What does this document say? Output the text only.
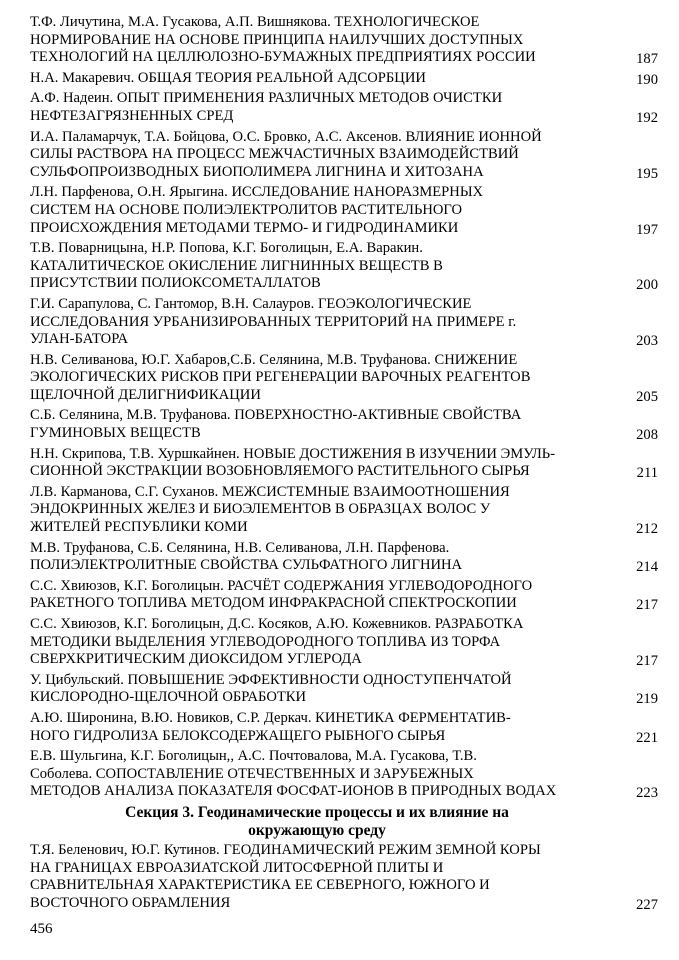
Т.Ф. Личутина, М.А. Гусакова, А.П. Вишнякова. ТЕХНОЛОГИЧЕСКОЕ
НОРМИРОВАНИЕ НА ОСНОВЕ ПРИНЦИПА НАИЛУЧШИХ ДОСТУПНЫХ
ТЕХНОЛОГИЙ НА ЦЕЛЛЮЛОЗНО-БУМАЖНЫХ ПРЕДПРИЯТИЯХ РОССИИ	187
Н.А. Макаревич. ОБЩАЯ ТЕОРИЯ РЕАЛЬНОЙ АДСОРБЦИИ	190
А.Ф. Надеин. ОПЫТ ПРИМЕНЕНИЯ РАЗЛИЧНЫХ МЕТОДОВ ОЧИСТКИ
НЕФТЕЗАГРЯЗНЕННЫХ СРЕД	192
И.А. Паламарчук, Т.А. Бойцова, О.С. Бровко, А.С. Аксенов. ВЛИЯНИЕ ИОННОЙ
СИЛЫ РАСТВОРА НА ПРОЦЕСС МЕЖЧАСТИЧНЫХ ВЗАИМОДЕЙСТВИЙ
СУЛЬФОПРОИЗВОДНЫХ БИОПОЛИМЕРА ЛИГНИНА И ХИТОЗАНА	195
Л.Н. Парфенова, О.Н. Ярыгина. ИССЛЕДОВАНИЕ НАНОРАЗМЕРНЫХ
СИСТЕМ НА ОСНОВЕ ПОЛИЭЛЕКТРОЛИТОВ РАСТИТЕЛЬНОГО
ПРОИСХОЖДЕНИЯ МЕТОДАМИ ТЕРМО- И ГИДРОДИНАМИКИ	197
Т.В. Поварницына, Н.Р. Попова, К.Г. Боголицын, Е.А. Варакин.
КАТАЛИТИЧЕСКОЕ ОКИСЛЕНИЕ ЛИГНИННЫХ ВЕЩЕСТВ В
ПРИСУТСТВИИ ПОЛИОКСОМЕТАЛЛАТОВ	200
Г.И. Сарапулова, С. Гантомор, В.Н. Салауров. ГЕОЭКОЛОГИЧЕСКИЕ
ИССЛЕДОВАНИЯ УРБАНИЗИРОВАННЫХ ТЕРРИТОРИЙ НА ПРИМЕРЕ г.
УЛАН-БАТОРА	203
Н.В. Селиванова, Ю.Г. Хабаров,С.Б. Селянина, М.В. Труфанова. СНИЖЕНИЕ
ЭКОЛОГИЧЕСКИХ РИСКОВ ПРИ РЕГЕНЕРАЦИИ ВАРОЧНЫХ РЕАГЕНТОВ
ЩЕЛОЧНОЙ ДЕЛИГНИФИКАЦИИ	205
С.Б. Селянина, М.В. Труфанова. ПОВЕРХНОСТНО-АКТИВНЫЕ СВОЙСТВА
ГУМИНОВЫХ ВЕЩЕСТВ	208
Н.Н. Скрипова, Т.В. Хуршкайнен. НОВЫЕ ДОСТИЖЕНИЯ В ИЗУЧЕНИИ ЭМУЛЬ-
СИОННОЙ ЭКСТРАКЦИИ ВОЗОБНОВЛЯЕМОГО РАСТИТЕЛЬНОГО СЫРЬЯ	211
Л.В. Карманова, С.Г. Суханов. МЕЖСИСТЕМНЫЕ ВЗАИМООТНОШЕНИЯ
ЭНДОКРИННЫХ ЖЕЛЕЗ И БИОЭЛЕМЕНТОВ В ОБРАЗЦАХ ВОЛОС У
ЖИТЕЛЕЙ РЕСПУБЛИКИ КОМИ	212
М.В. Труфанова, С.Б. Селянина, Н.В. Селиванова, Л.Н. Парфенова.
ПОЛИЭЛЕКТРОЛИТНЫЕ СВОЙСТВА СУЛЬФАТНОГО ЛИГНИНА	214
С.С. Хвиюзов, К.Г. Боголицын. РАСЧЁТ СОДЕРЖАНИЯ УГЛЕВОДОРОДНОГО
РАКЕТНОГО ТОПЛИВА МЕТОДОМ ИНФРАКРАСНОЙ СПЕКТРОСКОПИИ	217
С.С. Хвиюзов, К.Г. Боголицын, Д.С. Косяков, А.Ю. Кожевников. РАЗРАБОТКА
МЕТОДИКИ ВЫДЕЛЕНИЯ УГЛЕВОДОРОДНОГО ТОПЛИВА ИЗ ТОРФА
СВЕРХКРИТИЧЕСКИМ ДИОКСИДОМ УГЛЕРОДА	217
У. Цибульский. ПОВЫШЕНИЕ ЭФФЕКТИВНОСТИ ОДНОСТУПЕНЧАТОЙ
КИСЛОРОДНО-ЩЕЛОЧНОЙ ОБРАБОТКИ	219
А.Ю. Широнина, В.Ю. Новиков, С.Р. Деркач. КИНЕТИКА ФЕРМЕНТАТИВ-
НОГО ГИДРОЛИЗА БЕЛОКСОДЕРЖАЩЕГО РЫБНОГО СЫРЬЯ	221
Е.В. Шульгина, К.Г. Боголицын,, А.С. Почтовалова, М.А. Гусакова, Т.В.
Соболева. СОПОСТАВЛЕНИЕ ОТЕЧЕСТВЕННЫХ И ЗАРУБЕЖНЫХ
МЕТОДОВ АНАЛИЗА ПОКАЗАТЕЛЯ ФОСФАТ-ИОНОВ В ПРИРОДНЫХ ВОДАХ	223
Секция 3. Геодинамические процессы и их влияние на
окружающую среду
Т.Я. Беленович, Ю.Г. Кутинов. ГЕОДИНАМИЧЕСКИЙ РЕЖИМ ЗЕМНОЙ КОРЫ
НА ГРАНИЦАХ ЕВРОАЗИАТСКОЙ ЛИТОСФЕРНОЙ ПЛИТЫ И
СРАВНИТЕЛЬНАЯ ХАРАКТЕРИСТИКА ЕЕ СЕВЕРНОГО, ЮЖНОГО И
ВОСТОЧНОГО ОБРАМЛЕНИЯ	227
456
